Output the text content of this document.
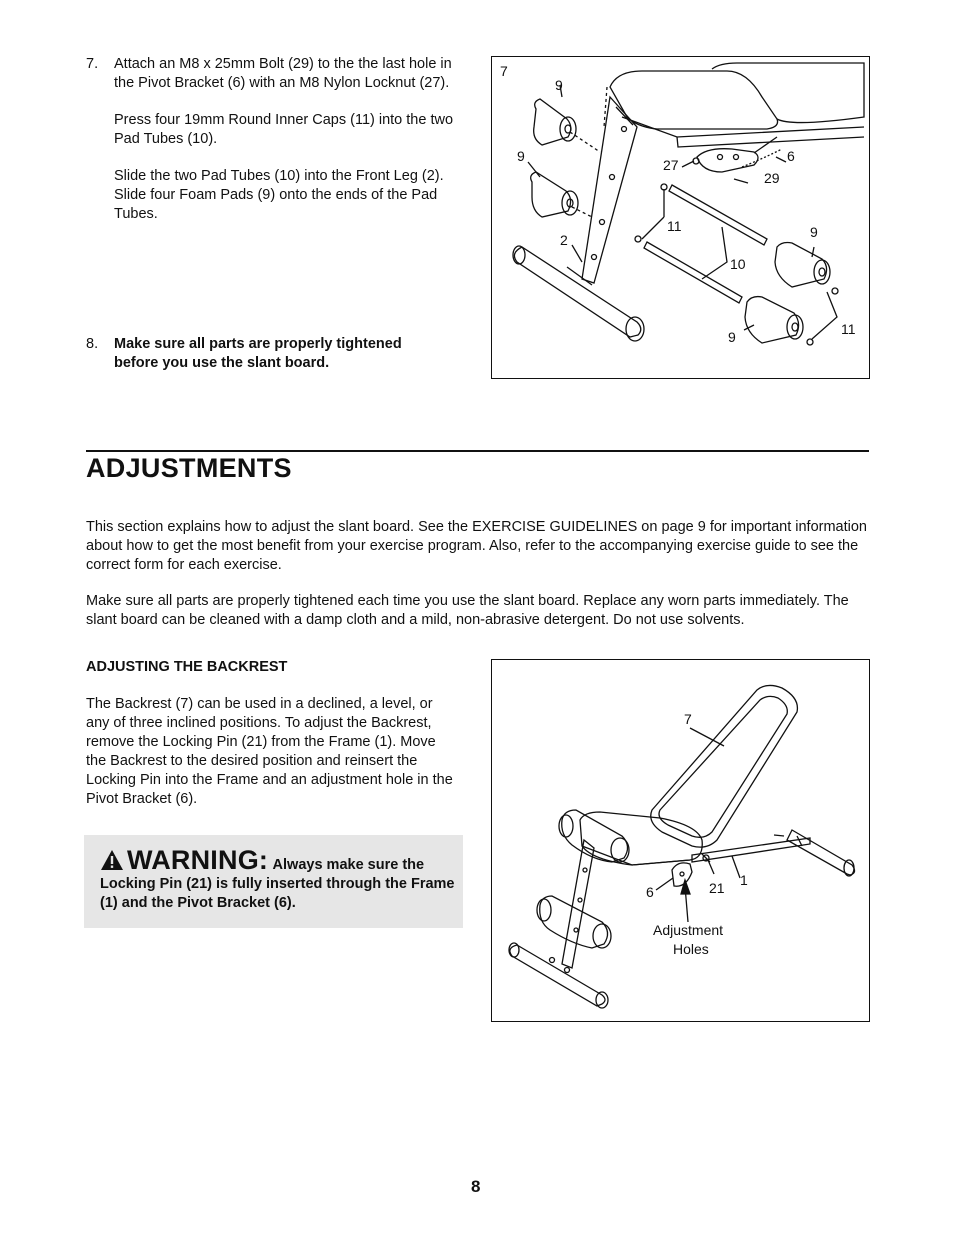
7. Attach an M8 x 25mm Bolt (29) to the the last hole in the Pivot Bracket (6) with an M8 Nylon Locknut (27).

Press four 19mm Round Inner Caps (11) into the two Pad Tubes (10).

Slide the two Pad Tubes (10) into the Front Leg (2). Slide four Foam Pads (9) onto the ends of the Pad Tubes.

8. Make sure all parts are properly tightened before you use the slant board.
7
9
9
27
6
29
2
11	9
10
9	11
ADJUSTMENTS
This section explains how to adjust the slant board. See the EXERCISE GUIDELINES on page 9 for important information about how to get the most benefit from your exercise program. Also, refer to the accompanying exercise guide to see the correct form for each exercise.
Make sure all parts are properly tightened each time you use the slant board. Replace any worn parts immediately. The slant board can be cleaned with a damp cloth and a mild, non-abrasive detergent. Do not use solvents.
ADJUSTING THE BACKREST
The Backrest (7) can be used in a declined, a level, or any of three inclined positions. To adjust the Backrest, remove the Locking Pin (21) from the Frame (1). Move the Backrest to the desired position and reinsert the Locking Pin into the Frame and an adjustment hole in the Pivot Bracket (6).
WARNING: Always make sure the
Locking Pin (21) is fully inserted through the Frame (1) and the Pivot Bracket (6).
7
6	21 1
Adjustment
Holes
8
